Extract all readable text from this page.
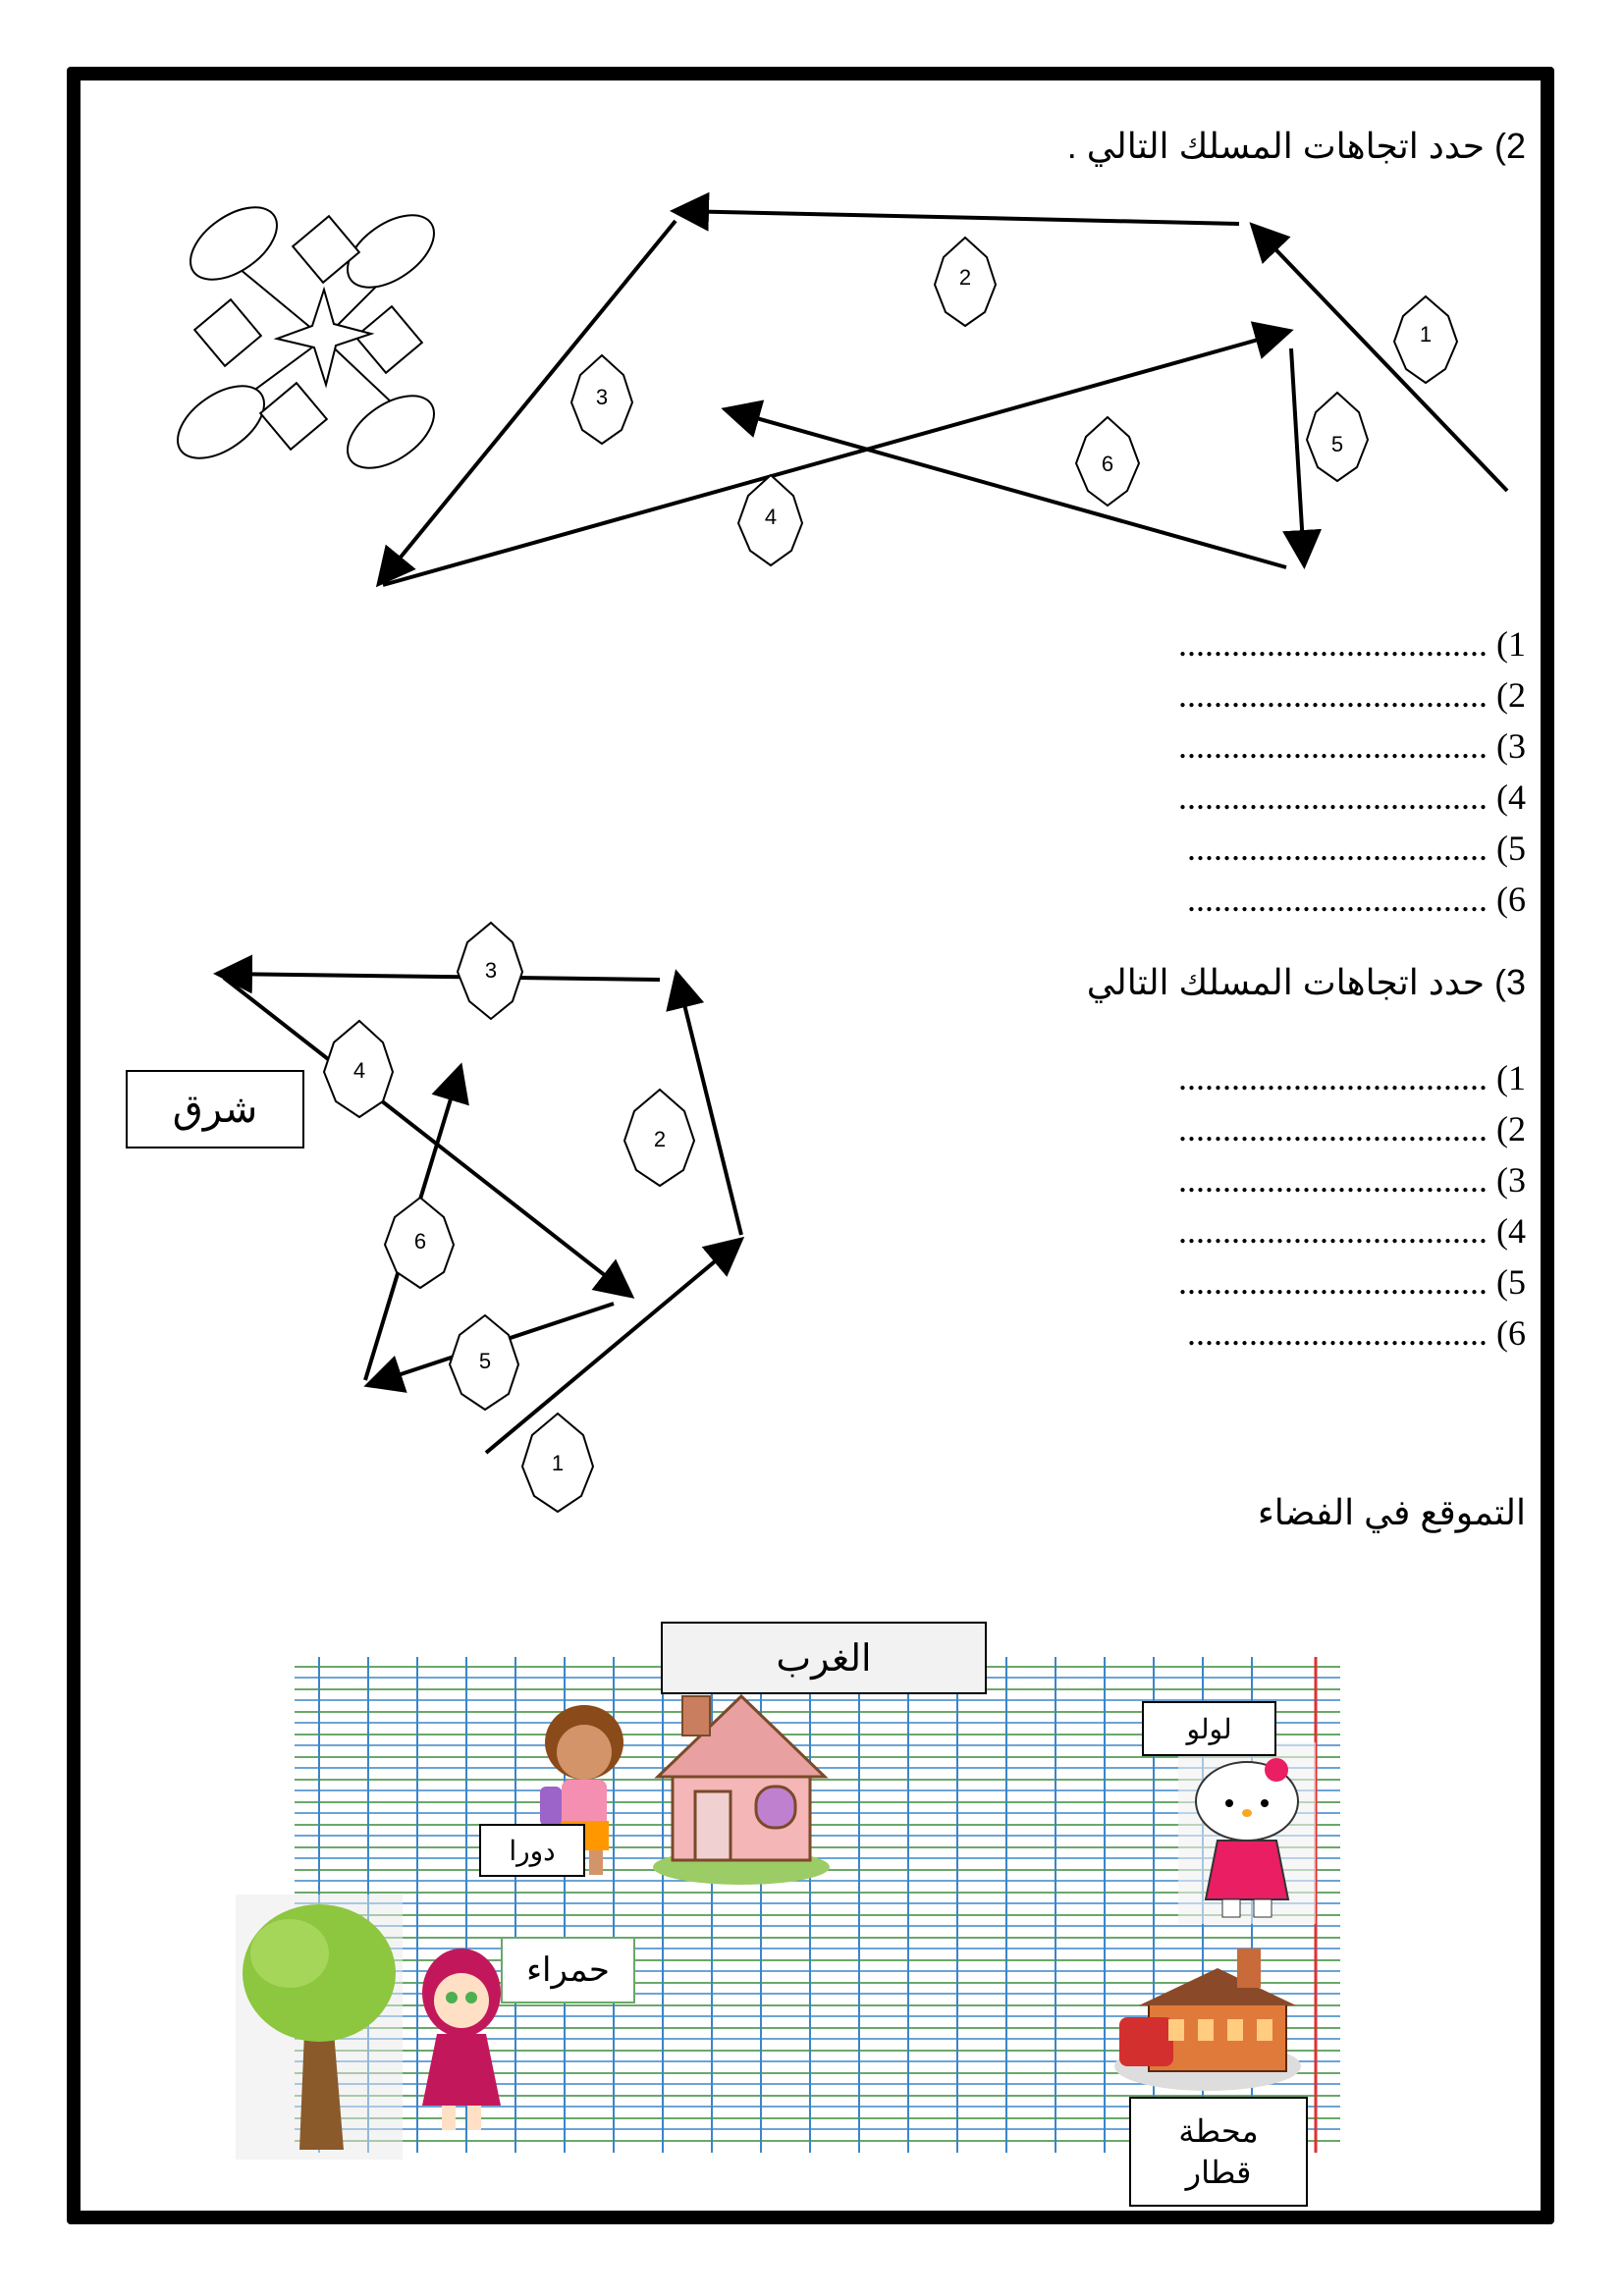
2) حدد اتجاهات المسلك التالي .
1
2
3
4
5
6
1) ...................................
2) ...................................
3) ...................................
4) ...................................
5) ..................................
6) ..................................
3) حدد اتجاهات المسلك التالي
شرق
1
2
3
4
5
6
1) ...................................
2) ...................................
3) ...................................
4) ...................................
5) ...................................
6) ..................................
التموقع في الفضاء
الغرب
لولو
دورا
حمراء
محطة
قطار
